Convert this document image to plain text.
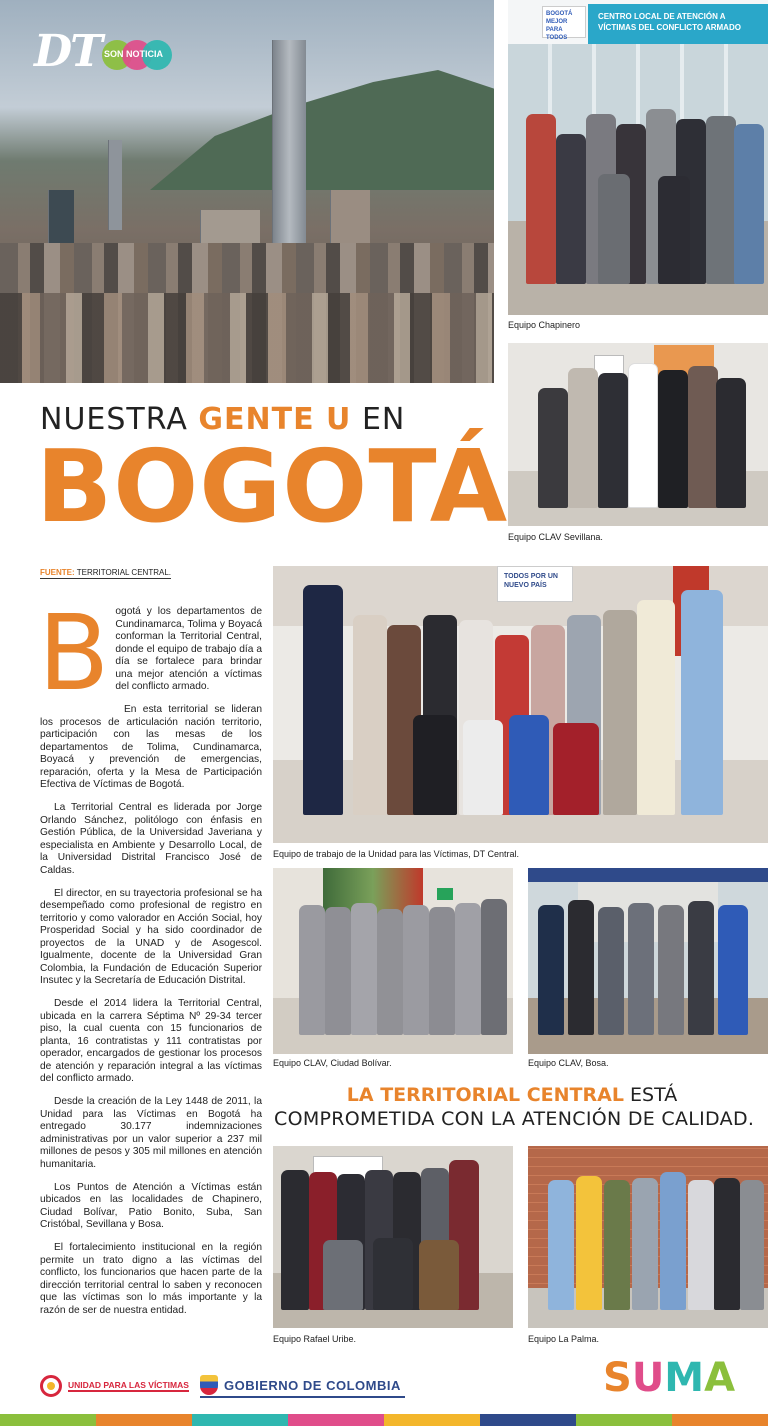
DT SON NOTICIA
BOGOTÁ MEJOR PARA TODOS
CENTRO LOCAL DE ATENCIÓN A VÍCTIMAS DEL CONFLICTO ARMADO
Equipo Chapinero
Equipo CLAV Sevillana.
NUESTRA GENTE U EN
BOGOTÁ
FUENTE: TERRITORIAL CENTRAL.

Bogotá y los departamentos de Cundinamarca, Tolima y Boyacá conforman la Territorial Central, donde el equipo de trabajo día a día se fortalece para brindar una mejor atención a víctimas del conflicto armado.

En esta territorial se lideran los procesos de articulación nación territorio, participación con las mesas de los departamentos de Tolima, Cundinamarca, Boyacá y prevención de emergencias, reparación, oferta y la Mesa de Participación Efectiva de Víctimas de Bogotá.

La Territorial Central es liderada por Jorge Orlando Sánchez, politólogo con énfasis en Gestión Pública, de la Universidad Javeriana y especialista en Ambiente y Desarrollo Local, de la Universidad Distrital Francisco José de Caldas.

El director, en su trayectoria profesional se ha desempeñado como profesional de registro en territorio y como valorador en Acción Social, hoy Prosperidad Social y ha sido coordinador de proyectos de la UNAD y de Asogescol. Igualmente, docente de la Universidad Gran Colombia, la Fundación de Educación Superior Insutec y la Secretaría de Educación Distrital.

Desde el 2014 lidera la Territorial Central, ubicada en la carrera Séptima Nº 29-34 tercer piso, la cual cuenta con 15 funcionarios de planta, 16 contratistas y 111 contratistas por operador, encargados de gestionar los procesos de atención y reparación integral a las víctimas del conflicto armado.

Desde la creación de la Ley 1448 de 2011, la Unidad para las Víctimas en Bogotá ha entregado 30.177 indemnizaciones administrativas por un valor superior a 237 mil millones de pesos y 305 mil millones en atención humanitaria.

Los Puntos de Atención a Víctimas están ubicados en las localidades de Chapinero, Ciudad Bolívar, Patio Bonito, Suba, San Cristóbal, Sevillana y Bosa.

El fortalecimiento institucional en la región permite un trato digno a las víctimas del conflicto, los funcionarios que hacen parte de la dirección territorial central lo saben y reconocen que las víctimas son lo más importante y la razón de ser de nuestra entidad.

TODOS POR UN NUEVO PAÍS
Equipo de trabajo de la Unidad para las Víctimas, DT Central.
Equipo CLAV, Ciudad Bolívar.	Equipo CLAV, Bosa.
LA TERRITORIAL CENTRAL ESTÁ
COMPROMETIDA CON LA ATENCIÓN DE CALIDAD.
Equipo Rafael Uribe.	Equipo La Palma.
UNIDAD PARA LAS VÍCTIMAS	GOBIERNO DE COLOMBIA	S U M A
